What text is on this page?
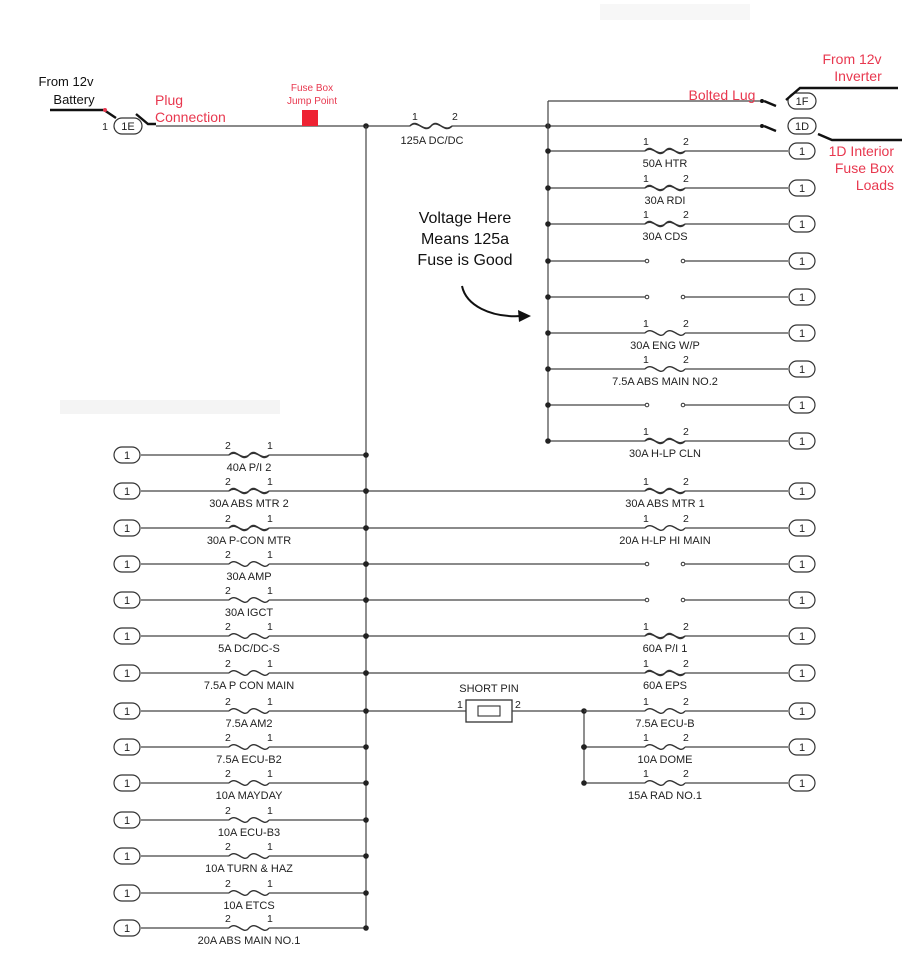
1E
1
1	2
125A DC/DC
1F
1D
SHORT PIN
1	2
1	2
50A HTR
1
1	2
30A RDI
1
1	2
30A CDS
1
1
1
1	2
30A ENG W/P
1
1	2
7.5A ABS MAIN NO.2
1
1
1	2
30A H-LP CLN
1
1	2
30A ABS MTR 1
1
1	2
20A H-LP HI MAIN
1
1
1
1	2
60A P/I 1
1
1	2
60A EPS
1
1	2
7.5A ECU-B
1
1	2
10A DOME
1
1	2
15A RAD NO.1
1
1
2	1
40A P/I 2
1
2	1
30A ABS MTR 2
1
2	1
30A P-CON MTR
1
2	1
30A AMP
1
2	1
30A IGCT
1
2	1
5A DC/DC-S
1
2	1
7.5A P CON MAIN
1
2	1
7.5A AM2
1
2	1
7.5A ECU-B2
1
2	1
10A MAYDAY
1
2	1
10A ECU-B3
1
2	1
10A TURN & HAZ
1
2	1
10A ETCS
1
2	1
20A ABS MAIN NO.1
From 12v
Battery	Plug
Connection
Fuse Box
Jump Point
From 12v
Inverter
Bolted Lug
1D Interior
Fuse Box
Loads
Voltage Here
Means 125a
Fuse is Good
